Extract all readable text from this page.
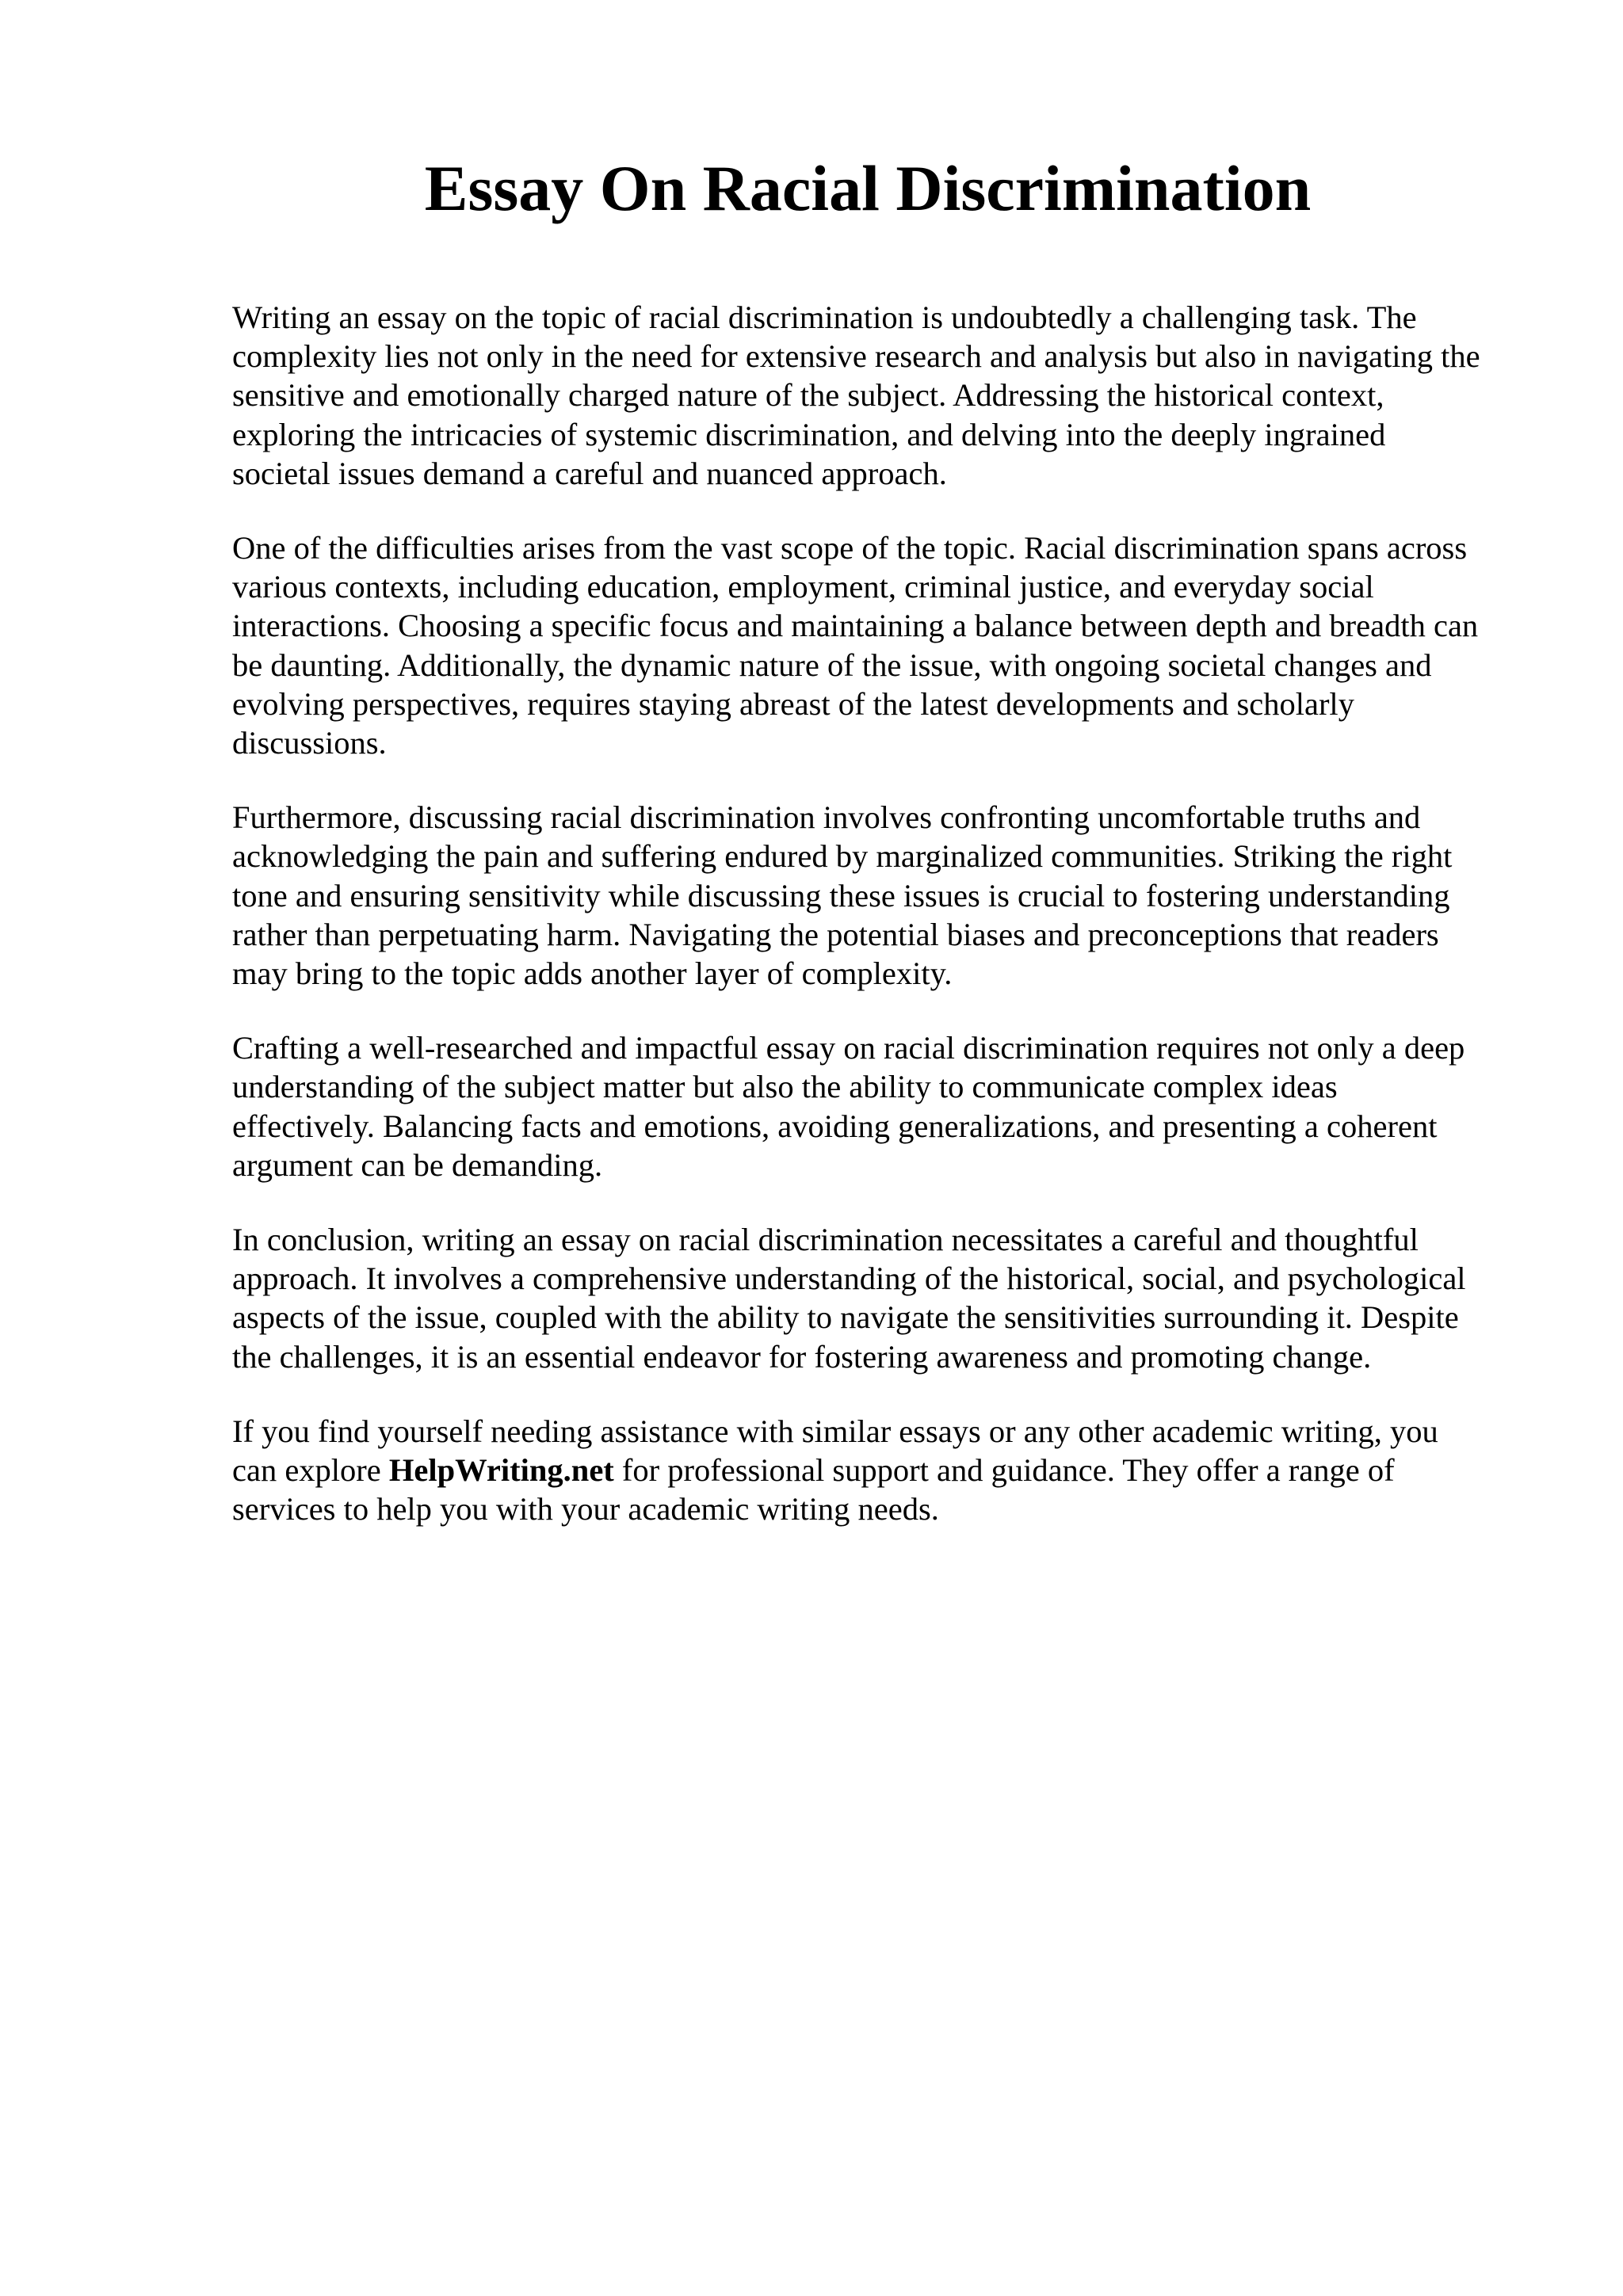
Essay On Racial Discrimination

Writing an essay on the topic of racial discrimination is undoubtedly a challenging task. The
complexity lies not only in the need for extensive research and analysis but also in navigating the
sensitive and emotionally charged nature of the subject. Addressing the historical context,
exploring the intricacies of systemic discrimination, and delving into the deeply ingrained
societal issues demand a careful and nuanced approach.

One of the difficulties arises from the vast scope of the topic. Racial discrimination spans across
various contexts, including education, employment, criminal justice, and everyday social
interactions. Choosing a specific focus and maintaining a balance between depth and breadth can
be daunting. Additionally, the dynamic nature of the issue, with ongoing societal changes and
evolving perspectives, requires staying abreast of the latest developments and scholarly
discussions.

Furthermore, discussing racial discrimination involves confronting uncomfortable truths and
acknowledging the pain and suffering endured by marginalized communities. Striking the right
tone and ensuring sensitivity while discussing these issues is crucial to fostering understanding
rather than perpetuating harm. Navigating the potential biases and preconceptions that readers
may bring to the topic adds another layer of complexity.

Crafting a well-researched and impactful essay on racial discrimination requires not only a deep
understanding of the subject matter but also the ability to communicate complex ideas
effectively. Balancing facts and emotions, avoiding generalizations, and presenting a coherent
argument can be demanding.

In conclusion, writing an essay on racial discrimination necessitates a careful and thoughtful
approach. It involves a comprehensive understanding of the historical, social, and psychological
aspects of the issue, coupled with the ability to navigate the sensitivities surrounding it. Despite
the challenges, it is an essential endeavor for fostering awareness and promoting change.

If you find yourself needing assistance with similar essays or any other academic writing, you
can explore HelpWriting.net for professional support and guidance. They offer a range of
services to help you with your academic writing needs.
